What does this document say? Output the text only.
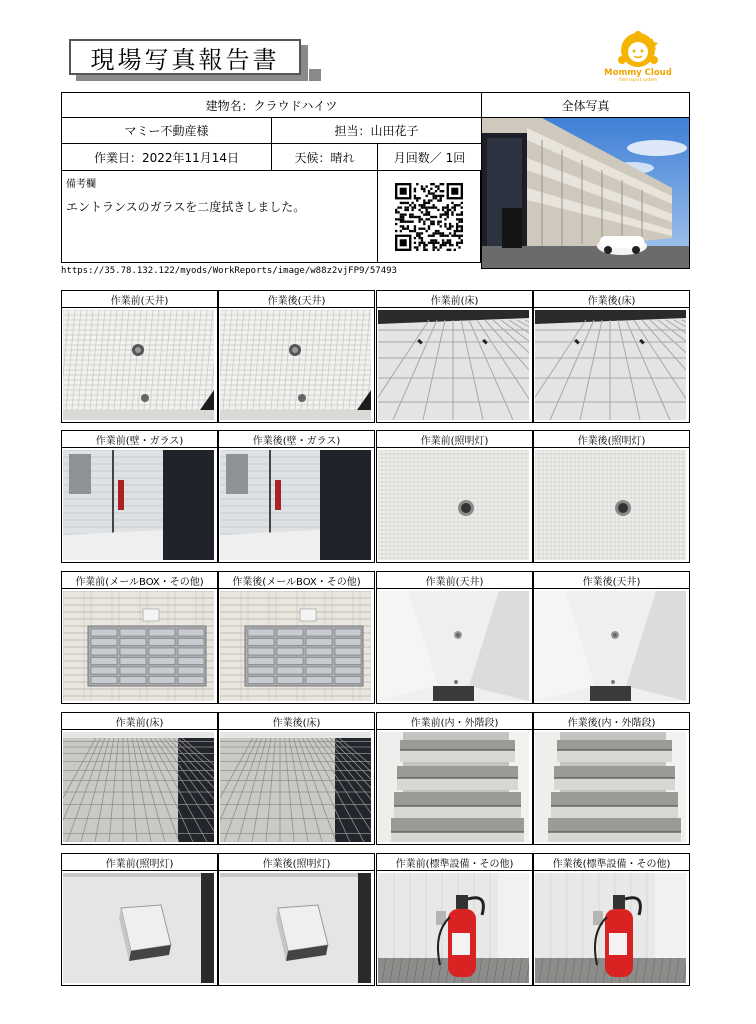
現場写真報告書	Mommy Cloud
field report system
建物名：クラウドハイツ	全体写真
マミー不動産様	担当：山田花子
作業日：2022年11月14日	天候：晴れ	月回数／ 1回
備考欄
エントランスのガラスを二度拭きしました。
https://35.78.132.122/myods/WorkReports/image/w88z2vjFP9/57493
作業前(天井)	作業後(天井)	作業前(床)	作業後(床)
作業前(壁・ガラス)	作業後(壁・ガラス)	作業前(照明灯)	作業後(照明灯)
作業前(メールBOX・その他)	作業後(メールBOX・その他)	作業前(天井)	作業後(天井)
作業前(床)	作業後(床)	作業前(内・外階段)	作業後(内・外階段)
作業前(照明灯)	作業後(照明灯)	作業前(標準設備・その他)	作業後(標準設備・その他)
